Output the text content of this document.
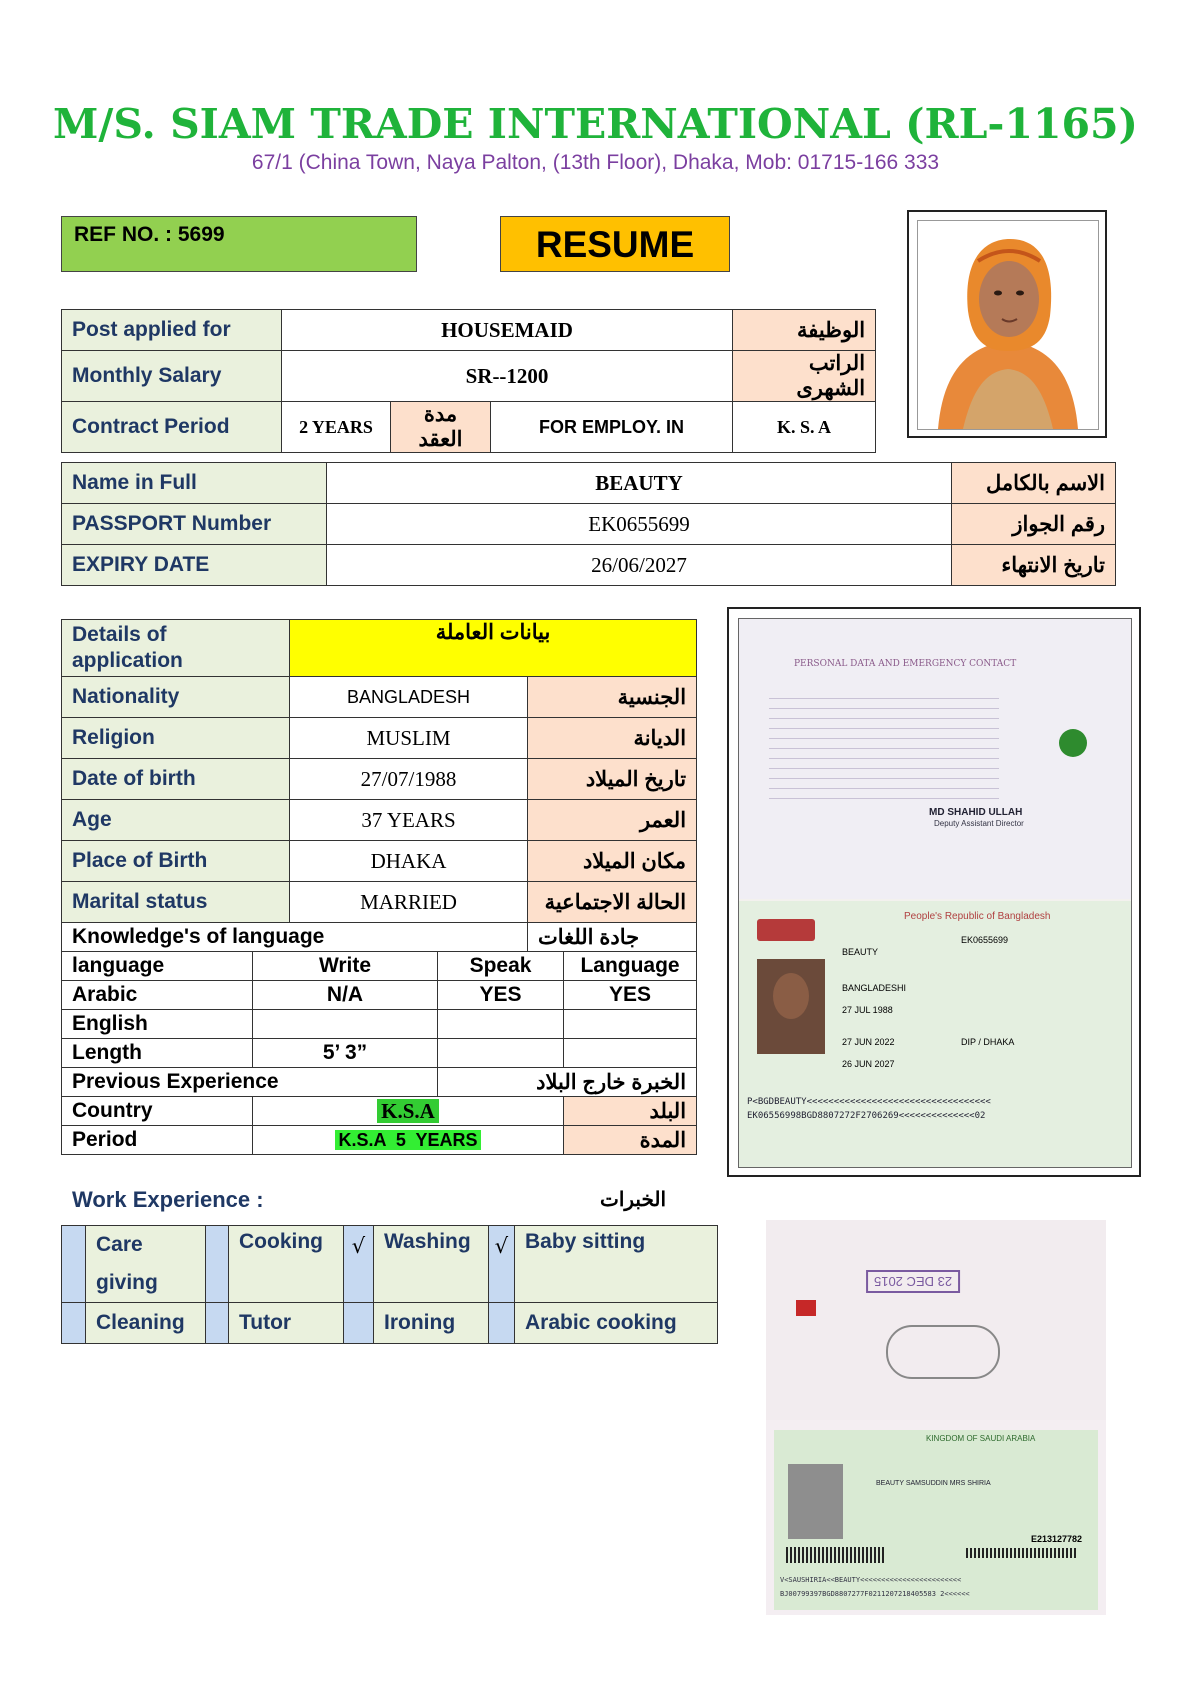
M/S. SIAM TRADE INTERNATIONAL (RL-1165)
67/1 (China Town, Naya Palton, (13th Floor), Dhaka, Mob: 01715-166 333
REF NO. : 5699	RESUME
Post applied for	HOUSEMAID			الوظيفة
Monthly Salary	SR--1200			الراتب الشهرى
Contract Period	2 YEARS	مدة العقد	FOR EMPLOY. IN	K. S. A
Name in Full	BEAUTY	الاسم بالكامل
PASSPORT Number	EK0655699	رقم الجواز
EXPIRY DATE	26/06/2027	تاريخ الانتهاء
Details of application		بيانات العاملة			
Nationality		BANGLADESH		الجنسية	
Religion		MUSLIM		الديانة	
Date of birth		27/07/1988		تاريخ الميلاد	
Age		37 YEARS		العمر	
Place of Birth		DHAKA		مكان الميلاد	
Marital status		MARRIED		الحالة الاجتماعية	
Knowledge's of language				جادة اللغات	
language	Write		Speak		Language
Arabic	N/A		YES		YES
English					
Length	5’ 3”				
Previous Experience			الخبرة خارج البلاد		
Country	K.S.A				البلد
Period	K.S.A  5  YEARS				المدة
Work Experience :	الخبرات
	Care giving		Cooking	√	Washing	√	Baby sitting
	Cleaning		Tutor		Ironing		Arabic cooking
PERSONAL DATA AND EMERGENCY CONTACT
MD SHAHID ULLAH
Deputy Assistant Director
People's Republic of Bangladesh
EK0655699
BEAUTY
BANGLADESHI
27 JUL 1988
27 JUN 2022	DIP / DHAKA
26 JUN 2027
P<BGDBEAUTY<<<<<<<<<<<<<<<<<<<<<<<<<<<<<<<<<<
EK06556998BGD8807272F2706269<<<<<<<<<<<<<<02
23 DEC 2015
KINGDOM OF SAUDI ARABIA
BEAUTY SAMSUDDIN MRS SHIRIA
E213127782
V<SAUSHIRIA<<BEAUTY<<<<<<<<<<<<<<<<<<<<<<<<
BJ00799397BGD8807277F0211207218405583 2<<<<<<
